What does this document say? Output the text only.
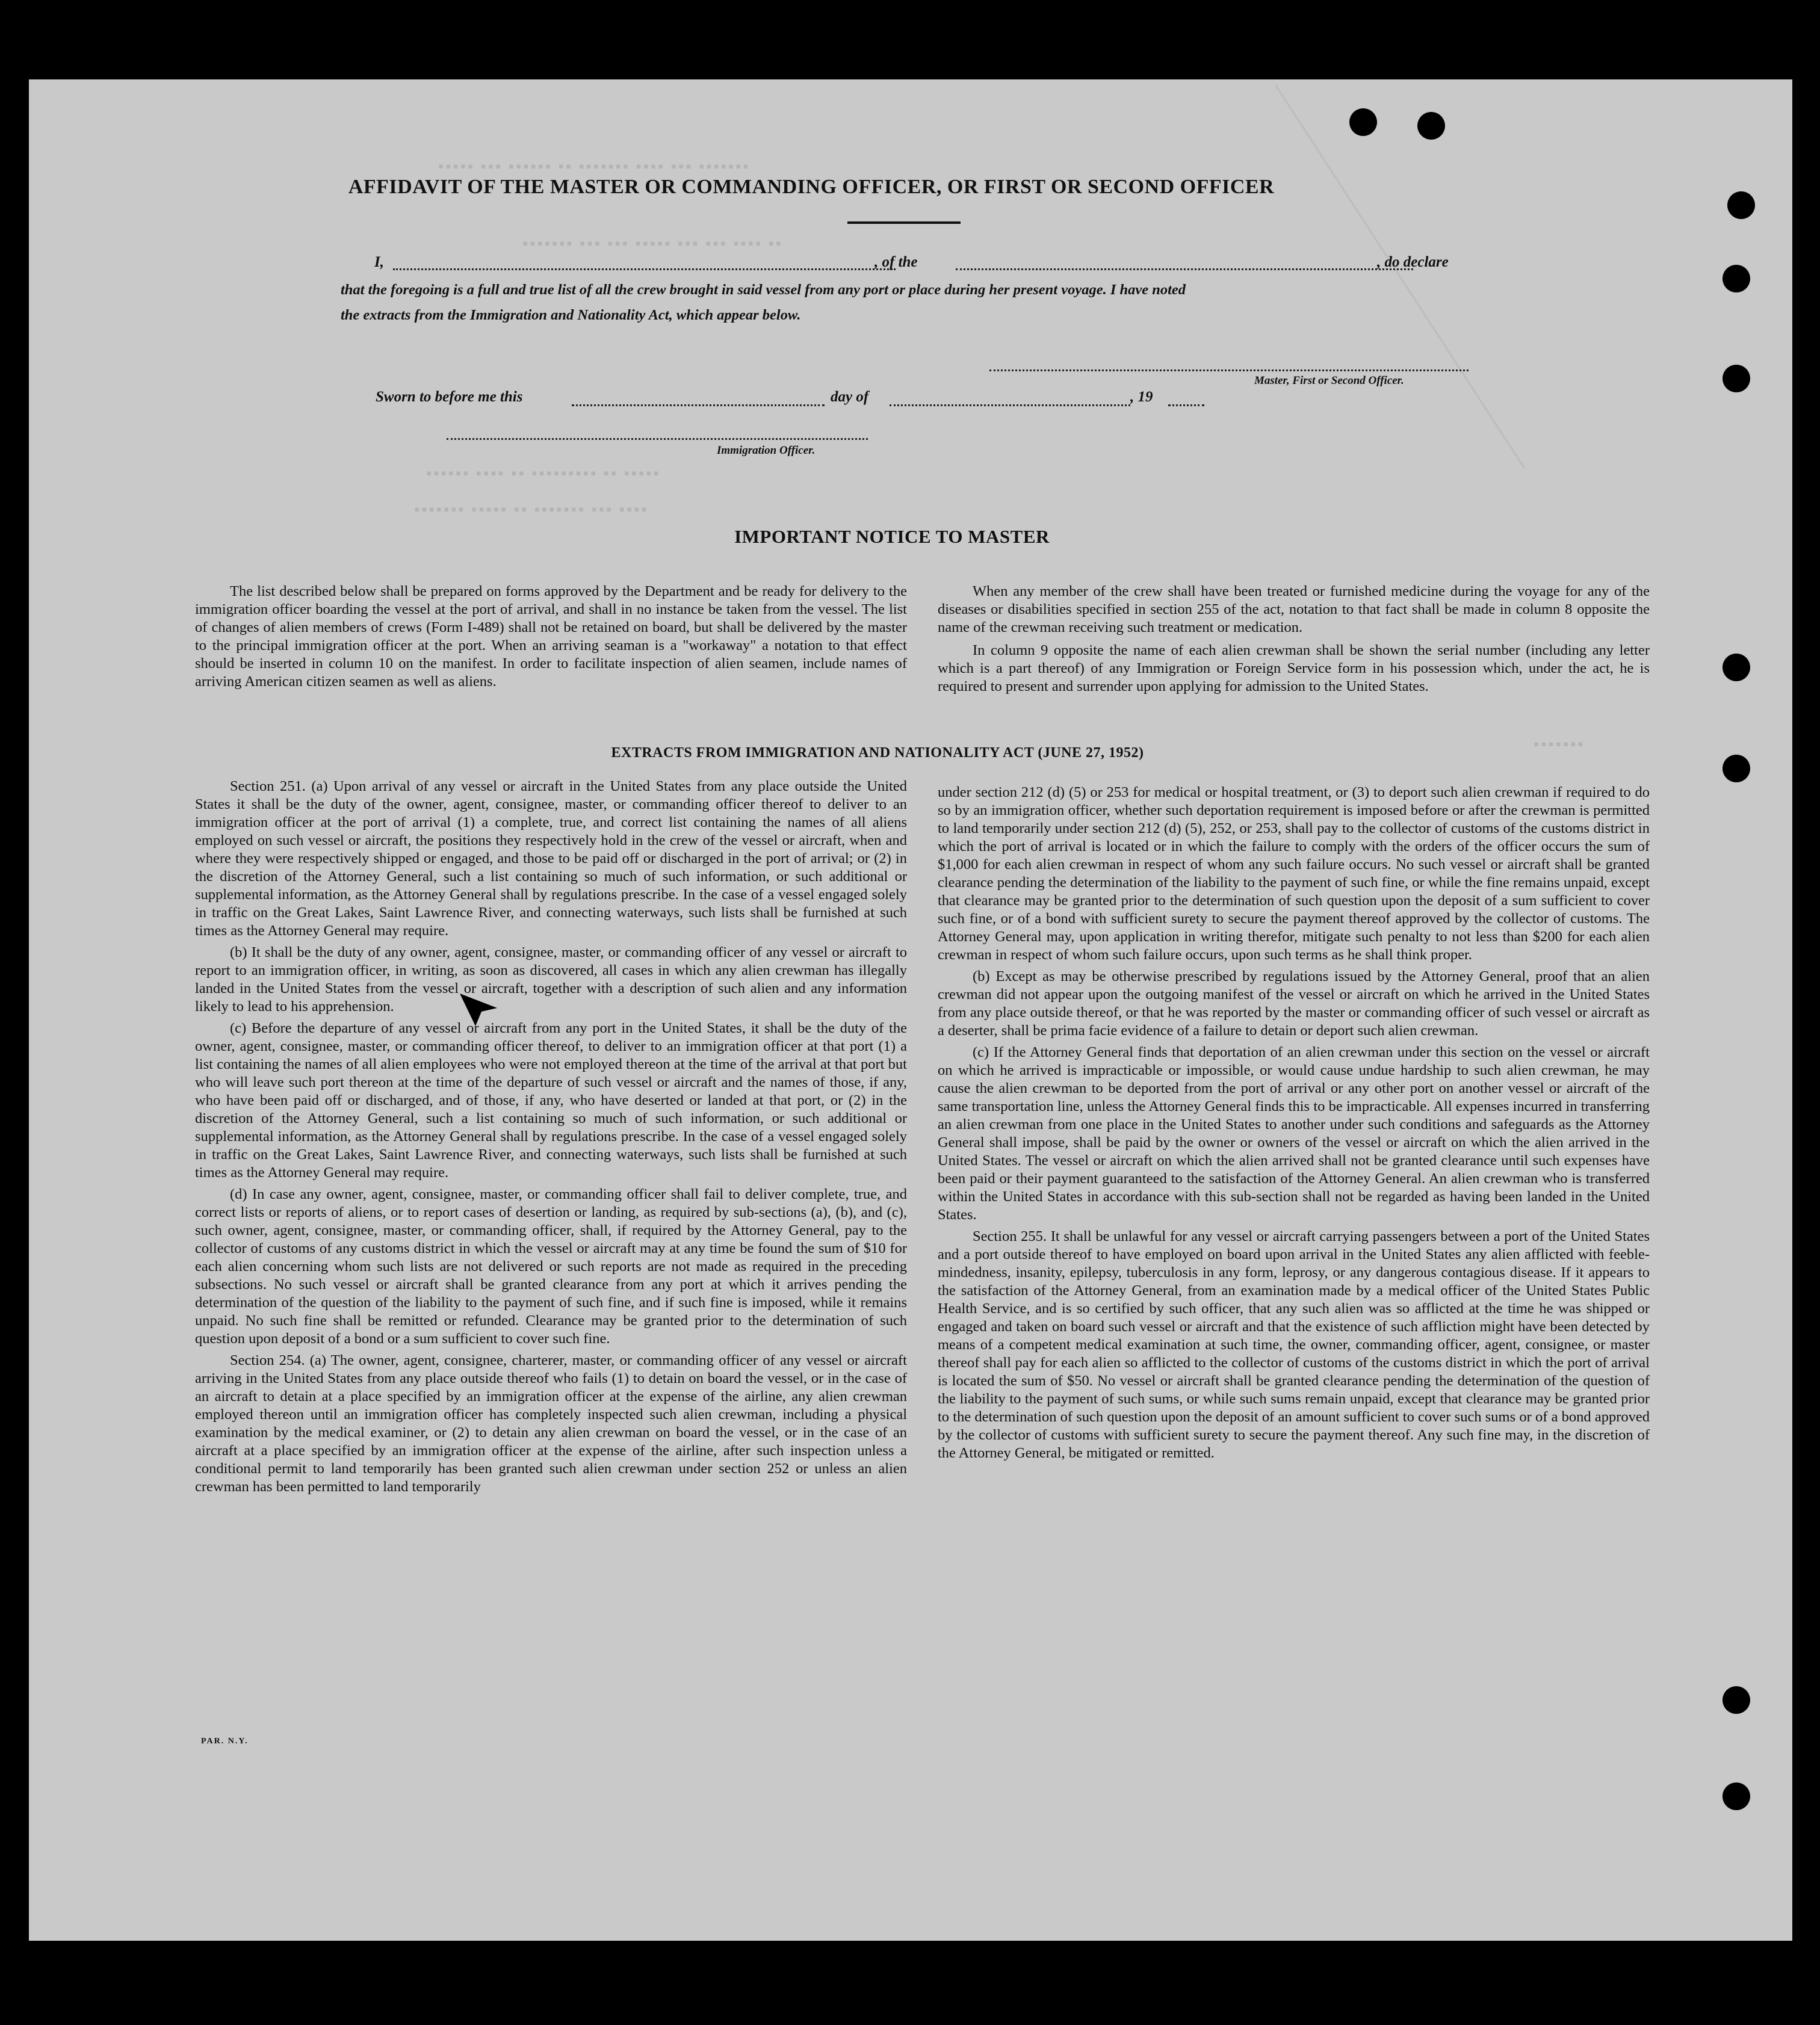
▪▪▪▪▪ ▪▪▪ ▪▪▪▪▪▪ ▪▪ ▪▪▪▪▪▪▪ ▪▪▪▪ ▪▪▪ ▪▪▪▪▪▪▪
▪▪▪▪▪▪▪ ▪▪▪ ▪▪▪ ▪▪▪▪▪ ▪▪▪ ▪▪▪ ▪▪▪▪ ▪▪
▪▪▪▪▪▪ ▪▪▪▪ ▪▪ ▪▪▪▪▪▪▪▪▪ ▪▪ ▪▪▪▪▪
▪▪▪▪▪▪▪ ▪▪▪▪▪ ▪▪ ▪▪▪▪▪▪▪ ▪▪▪ ▪▪▪▪
▪▪▪▪▪▪▪
AFFIDAVIT OF THE MASTER OR COMMANDING OFFICER, OR FIRST OR SECOND OFFICER
I,	, of the	, do declare
that the foregoing is a full and true list of all the crew brought in said vessel from any port or place during her present voyage. I have noted
the extracts from the Immigration and Nationality Act, which appear below.
Master, First or Second Officer.
Sworn to before me this	day of	, 19
Immigration Officer.
IMPORTANT NOTICE TO MASTER

The list described below shall be prepared on forms approved by the Department and be ready for delivery to the immigration officer boarding the vessel at the port of arrival, and shall in no instance be taken from the vessel. The list of changes of alien members of crews (Form I-489) shall not be retained on board, but shall be delivered by the master to the principal immigration officer at the port. When an arriving seaman is a "workaway" a notation to that effect should be inserted in column 10 on the manifest. In order to facilitate inspection of alien seamen, include names of arriving American citizen seamen as well as aliens.

When any member of the crew shall have been treated or furnished medicine during the voyage for any of the diseases or disabilities specified in section 255 of the act, notation to that fact shall be made in column 8 opposite the name of the crewman receiving such treatment or medication.

In column 9 opposite the name of each alien crewman shall be shown the serial number (including any letter which is a part thereof) of any Immigration or Foreign Service form in his possession which, under the act, he is required to present and surrender upon applying for admission to the United States.

EXTRACTS FROM IMMIGRATION AND NATIONALITY ACT (JUNE 27, 1952)

Section 251. (a) Upon arrival of any vessel or aircraft in the United States from any place outside the United States it shall be the duty of the owner, agent, consignee, master, or commanding officer thereof to deliver to an immigration officer at the port of arrival (1) a complete, true, and correct list containing the names of all aliens employed on such vessel or aircraft, the positions they respectively hold in the crew of the vessel or aircraft, when and where they were respectively shipped or engaged, and those to be paid off or discharged in the port of arrival; or (2) in the discretion of the Attorney General, such a list containing so much of such information, or such additional or supplemental information, as the Attorney General shall by regulations prescribe. In the case of a vessel engaged solely in traffic on the Great Lakes, Saint Lawrence River, and connecting waterways, such lists shall be furnished at such times as the Attorney General may require.

(b) It shall be the duty of any owner, agent, consignee, master, or commanding officer of any vessel or aircraft to report to an immigration officer, in writing, as soon as discovered, all cases in which any alien crewman has illegally landed in the United States from the vessel or aircraft, together with a description of such alien and any information likely to lead to his apprehension.

(c) Before the departure of any vessel or aircraft from any port in the United States, it shall be the duty of the owner, agent, consignee, master, or commanding officer thereof, to deliver to an immigration officer at that port (1) a list containing the names of all alien employees who were not employed thereon at the time of the arrival at that port but who will leave such port thereon at the time of the departure of such vessel or aircraft and the names of those, if any, who have been paid off or discharged, and of those, if any, who have deserted or landed at that port, or (2) in the discretion of the Attorney General, such a list containing so much of such information, or such additional or supplemental information, as the Attorney General shall by regulations prescribe. In the case of a vessel engaged solely in traffic on the Great Lakes, Saint Lawrence River, and connecting waterways, such lists shall be furnished at such times as the Attorney General may require.

(d) In case any owner, agent, consignee, master, or commanding officer shall fail to deliver complete, true, and correct lists or reports of aliens, or to report cases of desertion or landing, as required by sub-sections (a), (b), and (c), such owner, agent, consignee, master, or commanding officer, shall, if required by the Attorney General, pay to the collector of customs of any customs district in which the vessel or aircraft may at any time be found the sum of $10 for each alien concerning whom such lists are not delivered or such reports are not made as required in the preceding subsections. No such vessel or aircraft shall be granted clearance from any port at which it arrives pending the determination of the question of the liability to the payment of such fine, and if such fine is imposed, while it remains unpaid. No such fine shall be remitted or refunded. Clearance may be granted prior to the determination of such question upon deposit of a bond or a sum sufficient to cover such fine.

Section 254. (a) The owner, agent, consignee, charterer, master, or commanding officer of any vessel or aircraft arriving in the United States from any place outside thereof who fails (1) to detain on board the vessel, or in the case of an aircraft to detain at a place specified by an immigration officer at the expense of the airline, any alien crewman employed thereon until an immigration officer has completely inspected such alien crewman, including a physical examination by the medical examiner, or (2) to detain any alien crewman on board the vessel, or in the case of an aircraft at a place specified by an immigration officer at the expense of the airline, after such inspection unless a conditional permit to land temporarily has been granted such alien crewman under section 252 or unless an alien crewman has been permitted to land temporarily

under section 212 (d) (5) or 253 for medical or hospital treatment, or (3) to deport such alien crewman if required to do so by an immigration officer, whether such deportation requirement is imposed before or after the crewman is permitted to land temporarily under section 212 (d) (5), 252, or 253, shall pay to the collector of customs of the customs district in which the port of arrival is located or in which the failure to comply with the orders of the officer occurs the sum of $1,000 for each alien crewman in respect of whom any such failure occurs. No such vessel or aircraft shall be granted clearance pending the determination of the liability to the payment of such fine, or while the fine remains unpaid, except that clearance may be granted prior to the determination of such question upon the deposit of a sum sufficient to cover such fine, or of a bond with sufficient surety to secure the payment thereof approved by the collector of customs. The Attorney General may, upon application in writing therefor, mitigate such penalty to not less than $200 for each alien crewman in respect of whom such failure occurs, upon such terms as he shall think proper.

(b) Except as may be otherwise prescribed by regulations issued by the Attorney General, proof that an alien crewman did not appear upon the outgoing manifest of the vessel or aircraft on which he arrived in the United States from any place outside thereof, or that he was reported by the master or commanding officer of such vessel or aircraft as a deserter, shall be prima facie evidence of a failure to detain or deport such alien crewman.

(c) If the Attorney General finds that deportation of an alien crewman under this section on the vessel or aircraft on which he arrived is impracticable or impossible, or would cause undue hardship to such alien crewman, he may cause the alien crewman to be deported from the port of arrival or any other port on another vessel or aircraft of the same transportation line, unless the Attorney General finds this to be impracticable. All expenses incurred in transferring an alien crewman from one place in the United States to another under such conditions and safeguards as the Attorney General shall impose, shall be paid by the owner or owners of the vessel or aircraft on which the alien arrived in the United States. The vessel or aircraft on which the alien arrived shall not be granted clearance until such expenses have been paid or their payment guaranteed to the satisfaction of the Attorney General. An alien crewman who is transferred within the United States in accordance with this sub-section shall not be regarded as having been landed in the United States.

Section 255. It shall be unlawful for any vessel or aircraft carrying passengers between a port of the United States and a port outside thereof to have employed on board upon arrival in the United States any alien afflicted with feeble-mindedness, insanity, epilepsy, tuberculosis in any form, leprosy, or any dangerous contagious disease. If it appears to the satisfaction of the Attorney General, from an examination made by a medical officer of the United States Public Health Service, and is so certified by such officer, that any such alien was so afflicted at the time he was shipped or engaged and taken on board such vessel or aircraft and that the existence of such affliction might have been detected by means of a competent medical examination at such time, the owner, commanding officer, agent, consignee, or master thereof shall pay for each alien so afflicted to the collector of customs of the customs district in which the port of arrival is located the sum of $50. No vessel or aircraft shall be granted clearance pending the determination of the question of the liability to the payment of such sums, or while such sums remain unpaid, except that clearance may be granted prior to the determination of such question upon the deposit of an amount sufficient to cover such sums or of a bond approved by the collector of customs with sufficient surety to secure the payment thereof. Any such fine may, in the discretion of the Attorney General, be mitigated or remitted.

PAR. N.Y.
